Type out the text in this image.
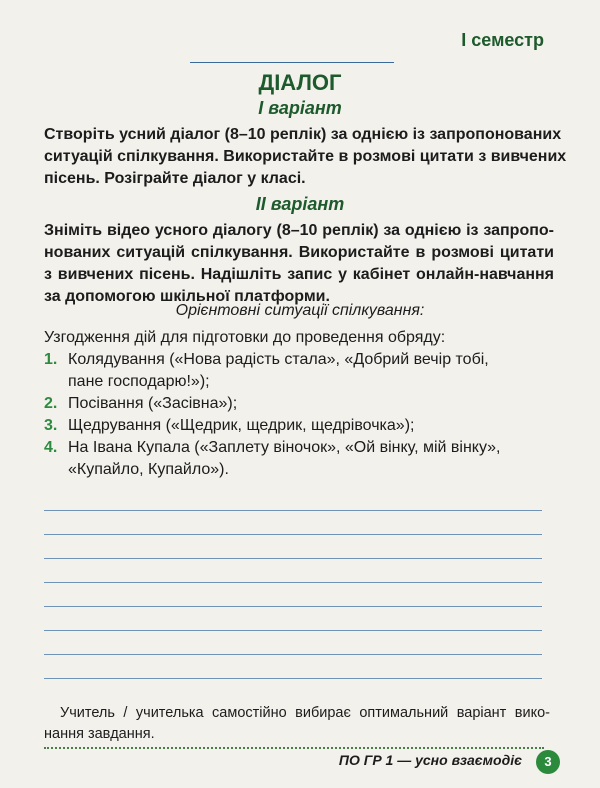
І семестр
ДІАЛОГ
I варіант
Створіть усний діалог (8–10 реплік) за однією із запропонованих
ситуацій спілкування. Використайте в розмові цитати з вивчених
пісень. Розіграйте діалог у класі.
II варіант
Зніміть відео усного діалогу (8–10 реплік) за однією із запропо-
нованих ситуацій спілкування. Використайте в розмові цитати
з вивчених пісень. Надішліть запис у кабінет онлайн-навчання
за допомогою шкільної платформи.
Орієнтовні ситуації спілкування:
Узгодження дій для підготовки до проведення обряду:
1. Колядування («Нова радість стала», «Добрий вечір тобі,
пане господарю!»);
2. Посівання («Засівна»);
3. Щедрування («Щедрик, щедрик, щедрівочка»);
4. На Івана Купала («Заплету віночок», «Ой вінку, мій вінку»,
«Купайло, Купайло»).
Учитель / учителька самостійно вибирає оптимальний варіант вико-
нання завдання.
ПО ГР 1 — усно взаємодіє	3
